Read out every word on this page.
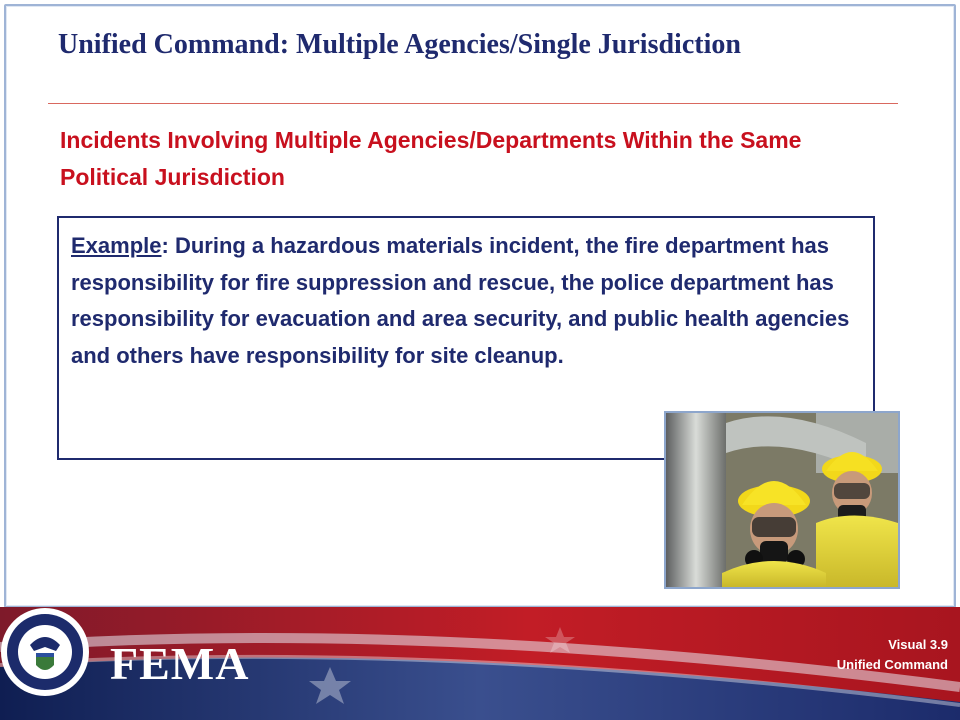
Unified Command: Multiple Agencies/Single Jurisdiction

Incidents Involving Multiple Agencies/Departments Within the Same Political Jurisdiction

Example: During a hazardous materials incident, the fire department has responsibility for fire suppression and rescue, the police department has responsibility for evacuation and area security, and public health agencies and others have responsibility for site cleanup.

FEMA	Visual 3.9
Unified Command
